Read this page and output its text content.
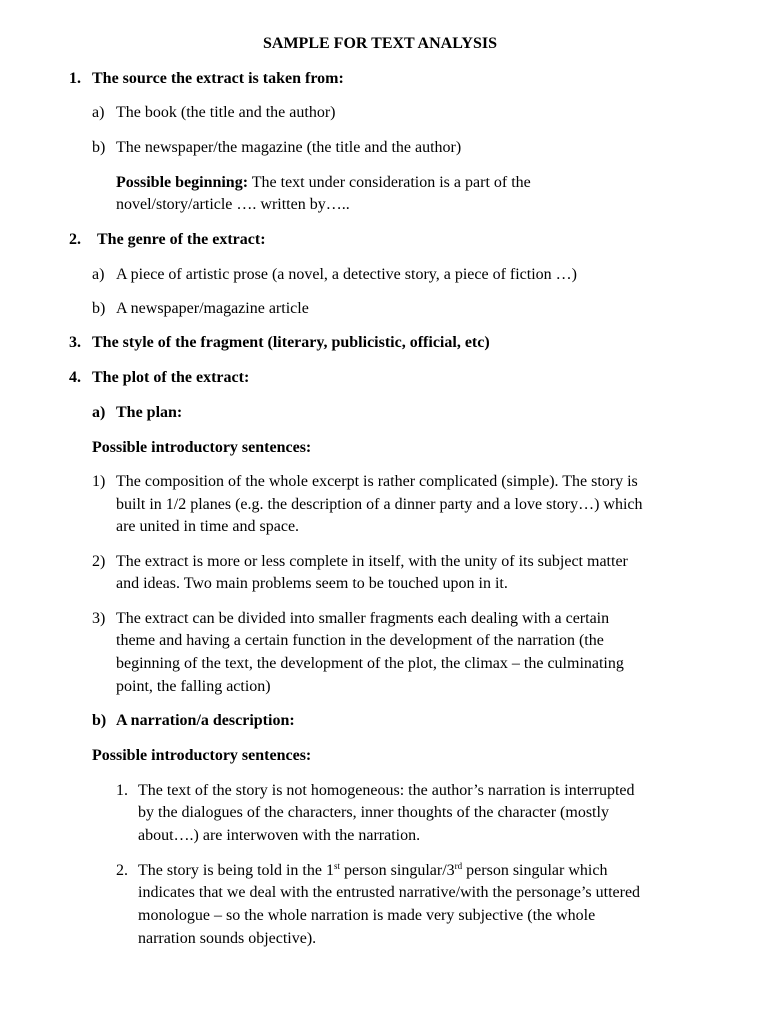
SAMPLE FOR TEXT ANALYSIS
1. The source the extract is taken from:
a) The book (the title and the author)
b) The newspaper/the magazine (the title and the author)
Possible beginning: The text under consideration is a part of the
novel/story/article …. written by…..
2. The genre of the extract:
a) A piece of artistic prose (a novel, a detective story, a piece of fiction …)
b) A newspaper/magazine article
3. The style of the fragment (literary, publicistic, official, etc)
4. The plot of the extract:
a) The plan:
Possible introductory sentences:
1) The composition of the whole excerpt is rather complicated (simple). The story is
built in 1/2 planes (e.g. the description of a dinner party and a love story…) which
are united in time and space.
2) The extract is more or less complete in itself, with the unity of its subject matter
and ideas. Two main problems seem to be touched upon in it.
3) The extract can be divided into smaller fragments each dealing with a certain
theme and having a certain function in the development of the narration (the
beginning of the text, the development of the plot, the climax – the culminating
point, the falling action)
b) A narration/a description:
Possible introductory sentences:
1. The text of the story is not homogeneous: the author’s narration is interrupted
by the dialogues of the characters, inner thoughts of the character (mostly
about….) are interwoven with the narration.
2. The story is being told in the 1st person singular/3rd person singular which
indicates that we deal with the entrusted narrative/with the personage’s uttered
monologue – so the whole narration is made very subjective (the whole
narration sounds objective).
